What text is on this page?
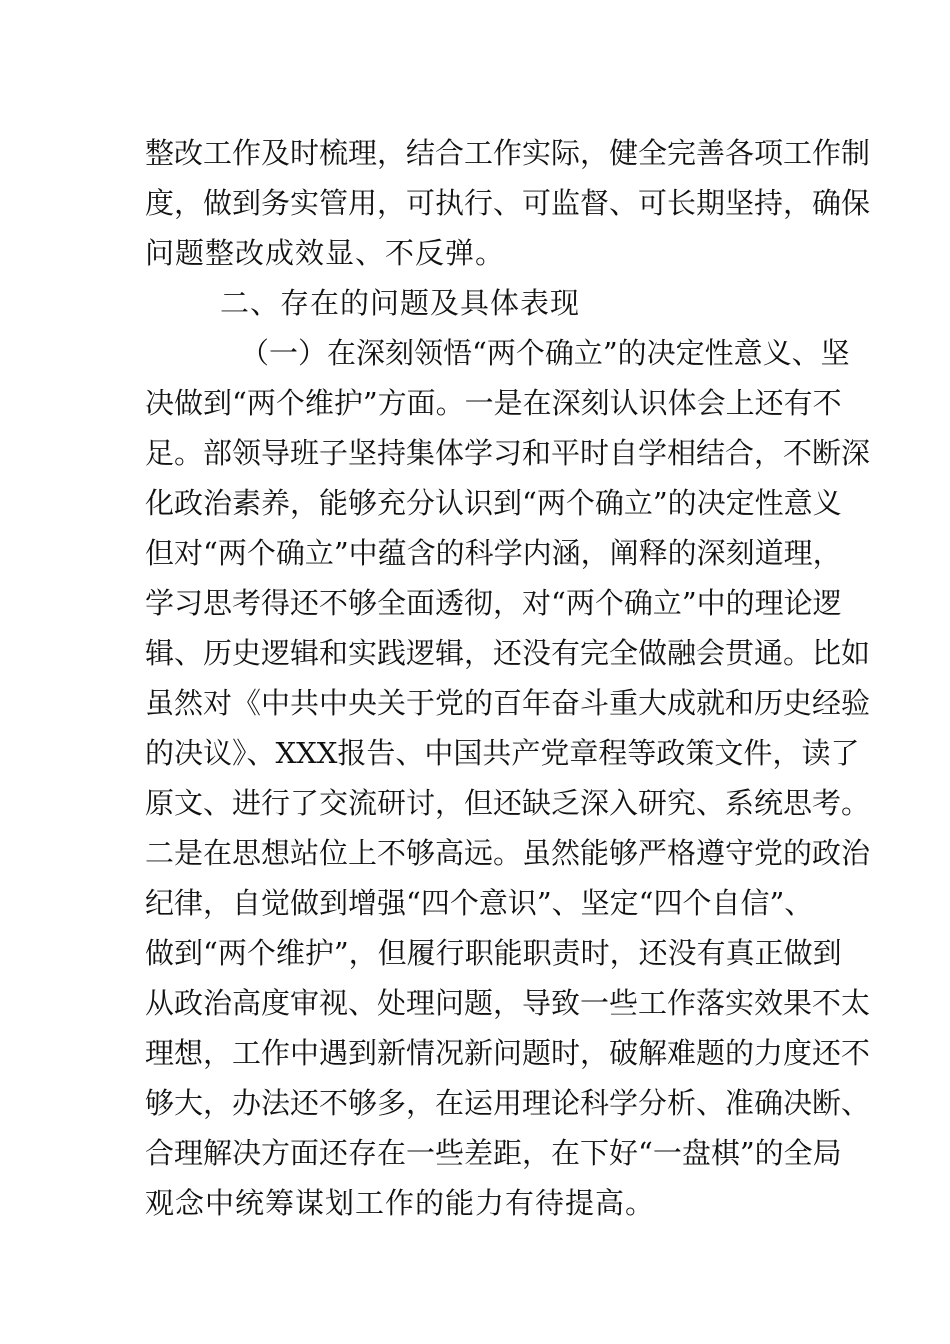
整改工作及时梳理，结合工作实际，健全完善各项工作制
度，做到务实管用，可执行、可监督、可长期坚持，确保
问题整改成效显、不反弹。
二、存在的问题及具体表现
（一）在深刻领悟“两个确立”的决定性意义、坚
决做到“两个维护”方面。一是在深刻认识体会上还有不
足。部领导班子坚持集体学习和平时自学相结合，不断深
化政治素养，能够充分认识到“两个确立”的决定性意义
但对“两个确立”中蕴含的科学内涵，阐释的深刻道理，
学习思考得还不够全面透彻，对“两个确立”中的理论逻
辑、历史逻辑和实践逻辑，还没有完全做融会贯通。比如
虽然对《中共中央关于党的百年奋斗重大成就和历史经验
的决议》、XXX报告、中国共产党章程等政策文件，读了
原文、进行了交流研讨，但还缺乏深入研究、系统思考。
二是在思想站位上不够高远。虽然能够严格遵守党的政治
纪律，自觉做到增强“四个意识”、坚定“四个自信”、
做到“两个维护”，但履行职能职责时，还没有真正做到
从政治高度审视、处理问题，导致一些工作落实效果不太
理想，工作中遇到新情况新问题时，破解难题的力度还不
够大，办法还不够多，在运用理论科学分析、准确决断、
合理解决方面还存在一些差距，在下好“一盘棋”的全局
观念中统筹谋划工作的能力有待提高。
